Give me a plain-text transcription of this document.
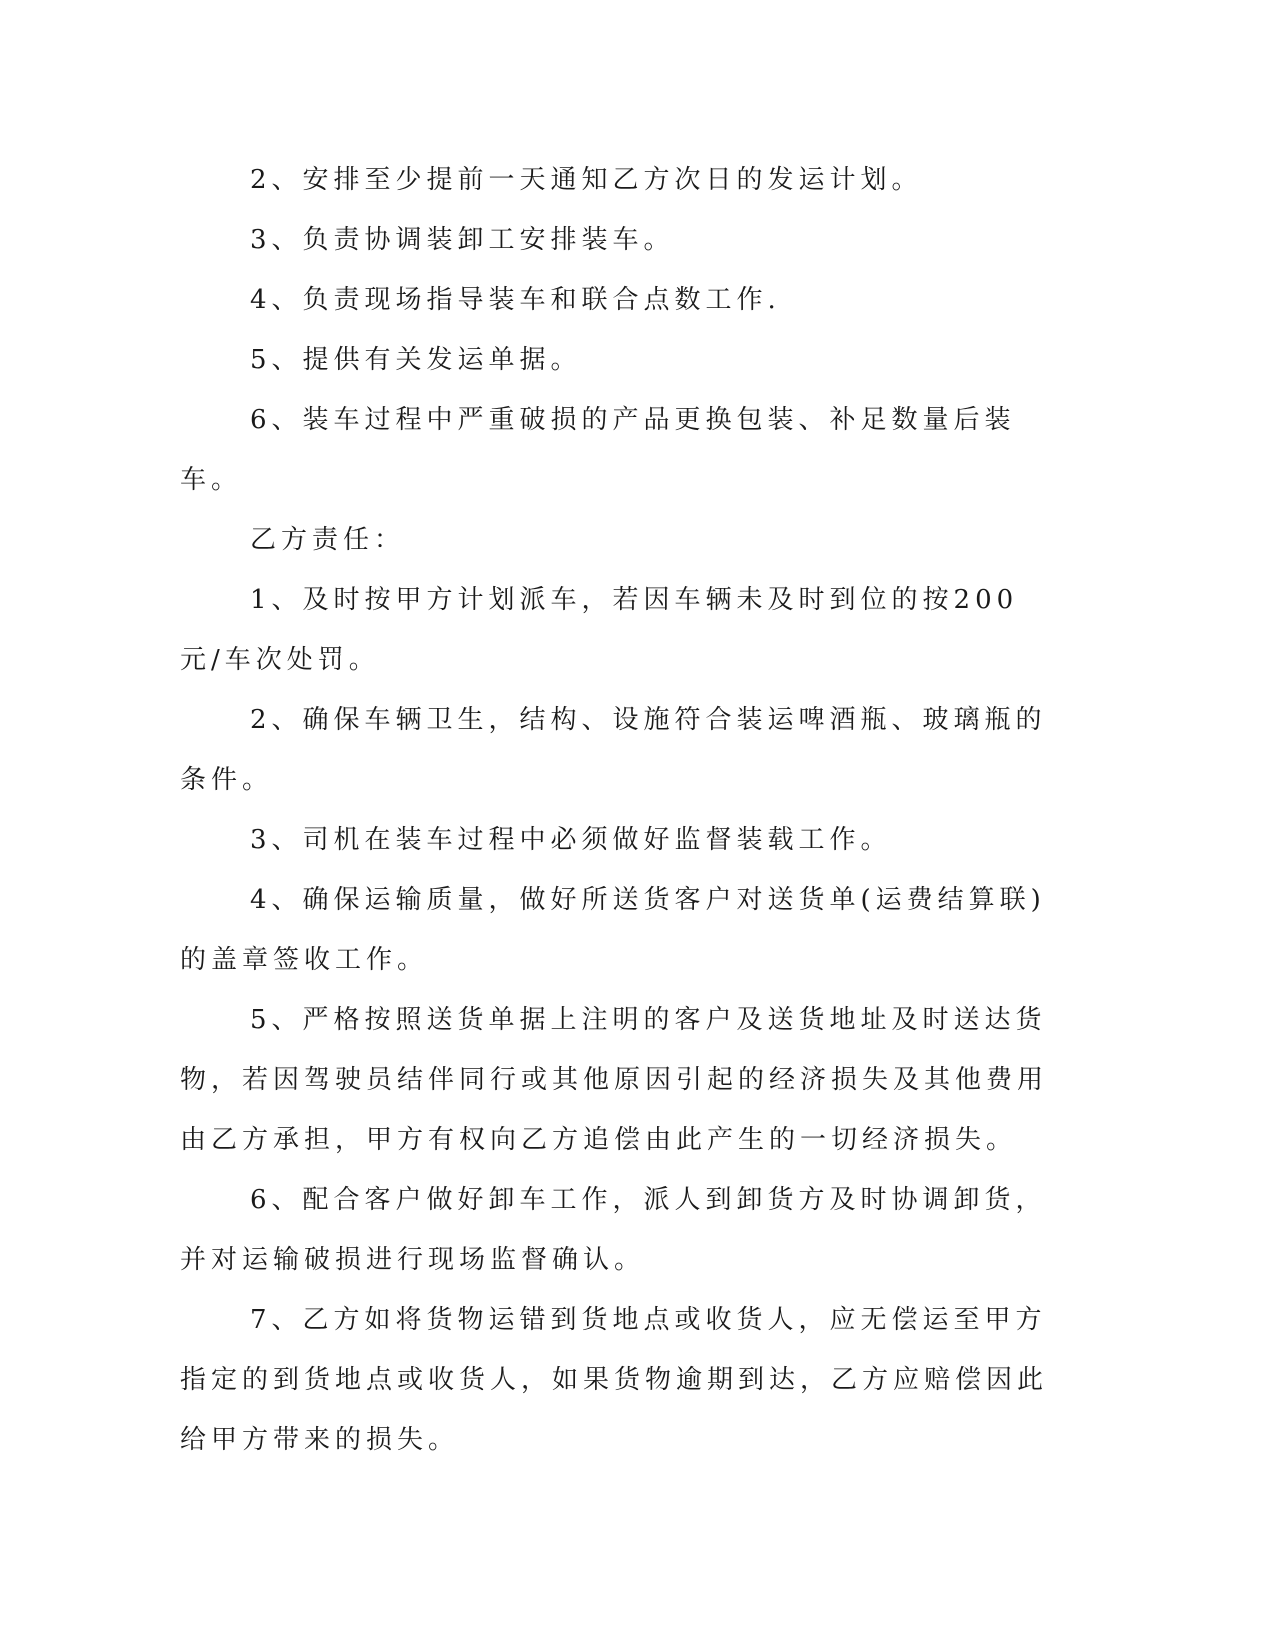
2、安排至少提前一天通知乙方次日的发运计划。

3、负责协调装卸工安排装车。

4、负责现场指导装车和联合点数工作.

5、提供有关发运单据。

6、装车过程中严重破损的产品更换包装、补足数量后装车。

乙方责任：

1、及时按甲方计划派车，若因车辆未及时到位的按200元/车次处罚。

2、确保车辆卫生，结构、设施符合装运啤酒瓶、玻璃瓶的条件。

3、司机在装车过程中必须做好监督装载工作。

4、确保运输质量，做好所送货客户对送货单(运费结算联)的盖章签收工作。

5、严格按照送货单据上注明的客户及送货地址及时送达货物，若因驾驶员结伴同行或其他原因引起的经济损失及其他费用由乙方承担，甲方有权向乙方追偿由此产生的一切经济损失。

6、配合客户做好卸车工作，派人到卸货方及时协调卸货，并对运输破损进行现场监督确认。

7、乙方如将货物运错到货地点或收货人，应无偿运至甲方指定的到货地点或收货人，如果货物逾期到达，乙方应赔偿因此给甲方带来的损失。
